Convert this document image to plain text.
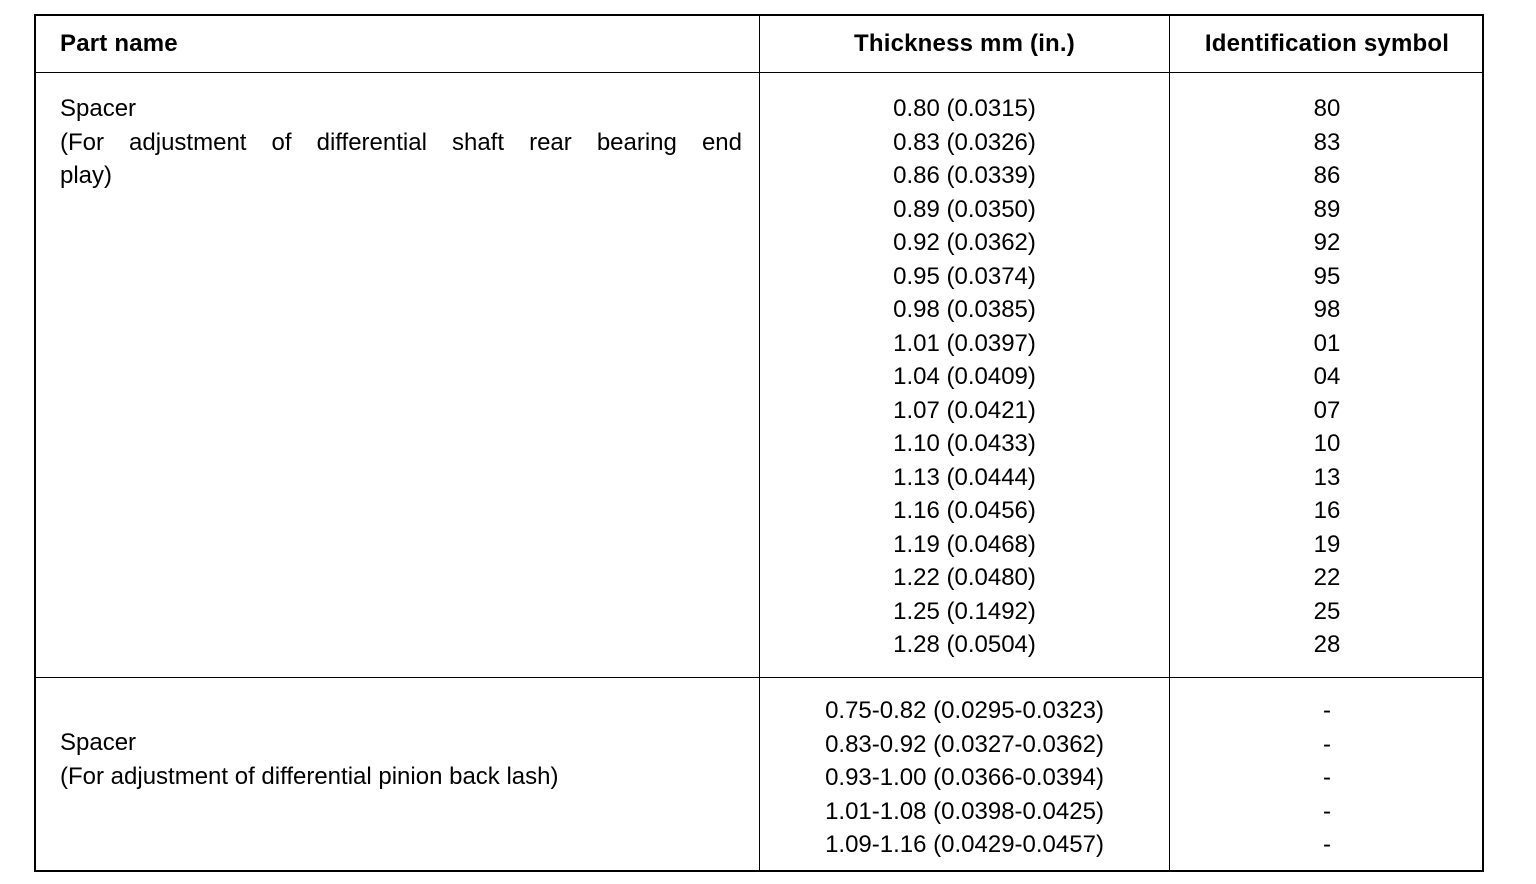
Part name	Thickness mm (in.)	Identification symbol
Spacer
(For adjustment of differential shaft rear bearing end
play)
0.80 (0.0315)
0.83 (0.0326)
0.86 (0.0339)
0.89 (0.0350)
0.92 (0.0362)
0.95 (0.0374)
0.98 (0.0385)
1.01 (0.0397)
1.04 (0.0409)
1.07 (0.0421)
1.10 (0.0433)
1.13 (0.0444)
1.16 (0.0456)
1.19 (0.0468)
1.22 (0.0480)
1.25 (0.1492)
1.28 (0.0504)
80
83
86
89
92
95
98
01
04
07
10
13
16
19
22
25
28
Spacer
(For adjustment of differential pinion back lash)
0.75-0.82 (0.0295-0.0323)
0.83-0.92 (0.0327-0.0362)
0.93-1.00 (0.0366-0.0394)
1.01-1.08 (0.0398-0.0425)
1.09-1.16 (0.0429-0.0457)
-
-
-
-
-
